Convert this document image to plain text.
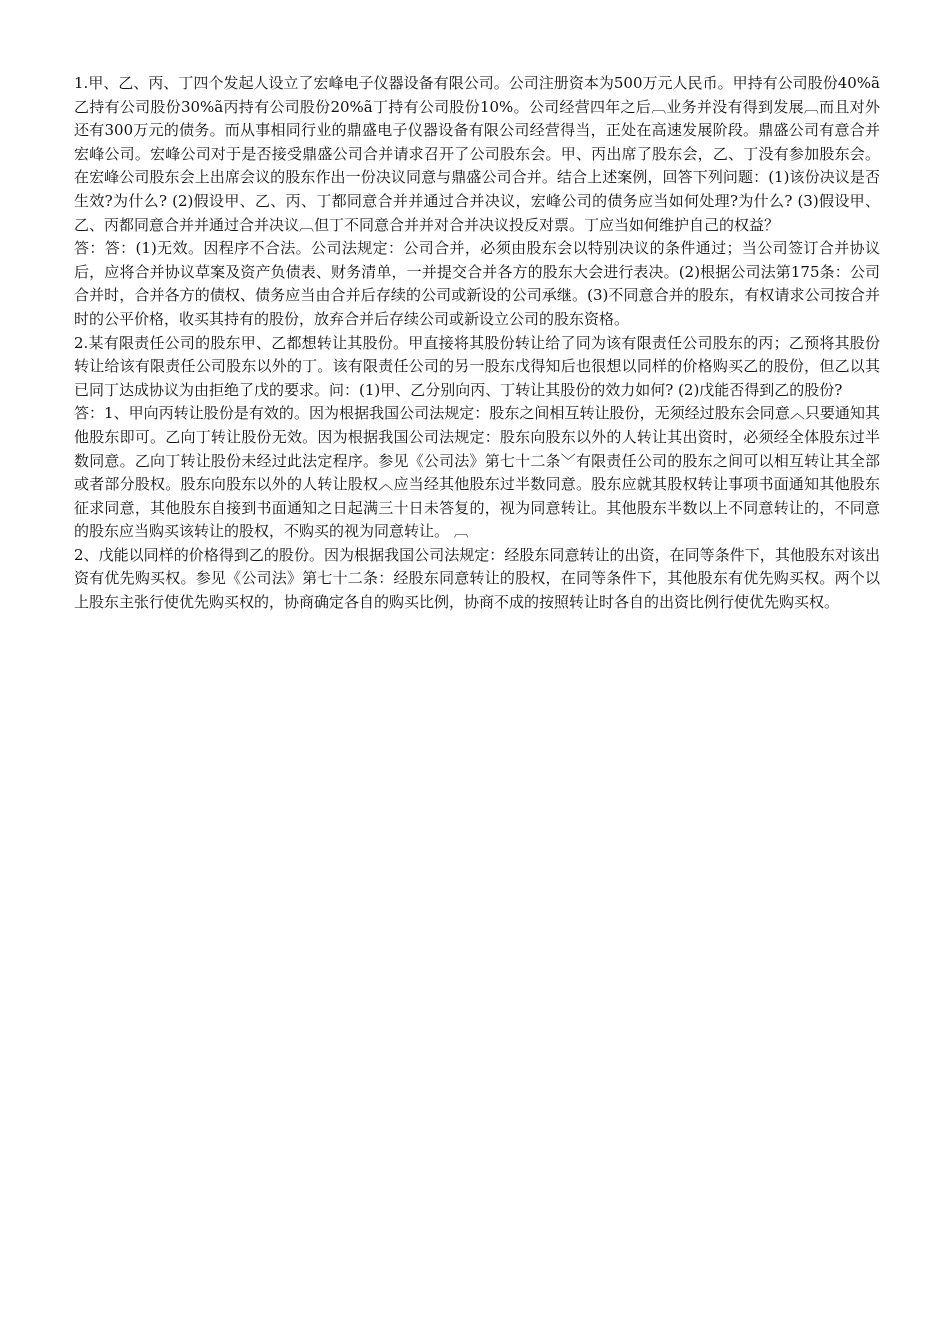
1.甲、乙、丙、丁四个发起人设立了宏峰电子仪器设备有限公司。公司注册资本为500万元人民币。甲持有公司股份40%ã乙持有公司股份30%ã丙持有公司股份20%ã丁持有公司股份10%。公司经营四年之后︹业务并没有得到发展︹而且对外还有300万元的债务。而从事相同行业的鼎盛电子仪器设备有限公司经营得当，正处在高速发展阶段。鼎盛公司有意合并宏峰公司。宏峰公司对于是否接受鼎盛公司合并请求召开了公司股东会。甲、丙出席了股东会，乙、丁没有参加股东会。在宏峰公司股东会上出席会议的股东作出一份决议同意与鼎盛公司合并。结合上述案例，回答下列问题：(1)该份决议是否生效?为什么? (2)假设甲、乙、丙、丁都同意合并并通过合并决议，宏峰公司的债务应当如何处理?为什么? (3)假设甲、乙、丙都同意合并并通过合并决议︹但丁不同意合并并对合并决议投反对票。丁应当如何维护自己的权益？

答：答：(1)无效。因程序不合法。公司法规定：公司合并，必须由股东会以特别决议的条件通过；当公司签订合并协议后，应将合并协议草案及资产负债表、财务清单，一并提交合并各方的股东大会进行表决。(2)根据公司法第175条：公司合并时，合并各方的债权、债务应当由合并后存续的公司或新设的公司承继。(3)不同意合并的股东，有权请求公司按合并时的公平价格，收买其持有的股份，放弃合并后存续公司或新设立公司的股东资格。

2.某有限责任公司的股东甲、乙都想转让其股份。甲直接将其股份转让给了同为该有限责任公司股东的丙；乙预将其股份转让给该有限责任公司股东以外的丁。该有限责任公司的另一股东戊得知后也很想以同样的价格购买乙的股份，但乙以其已同丁达成协议为由拒绝了戊的要求。问：(1)甲、乙分别向丙、丁转让其股份的效力如何? (2)戊能否得到乙的股份?

答：1、甲向丙转让股份是有效的。因为根据我国公司法规定：股东之间相互转让股份，无须经过股东会同意︿只要通知其他股东即可。乙向丁转让股份无效。因为根据我国公司法规定：股东向股东以外的人转让其出资时，必须经全体股东过半数同意。乙向丁转让股份未经过此法定程序。参见《公司法》第七十二条﹀有限责任公司的股东之间可以相互转让其全部或者部分股权。股东向股东以外的人转让股权︿应当经其他股东过半数同意。股东应就其股权转让事项书面通知其他股东征求同意，其他股东自接到书面通知之日起满三十日未答复的，视为同意转让。其他股东半数以上不同意转让的，不同意的股东应当购买该转让的股权，不购买的视为同意转让。 ︹

2、戊能以同样的价格得到乙的股份。因为根据我国公司法规定：经股东同意转让的出资，在同等条件下，其他股东对该出资有优先购买权。参见《公司法》第七十二条：经股东同意转让的股权，在同等条件下，其他股东有优先购买权。两个以上股东主张行使优先购买权的，协商确定各自的购买比例，协商不成的按照转让时各自的出资比例行使优先购买权。
